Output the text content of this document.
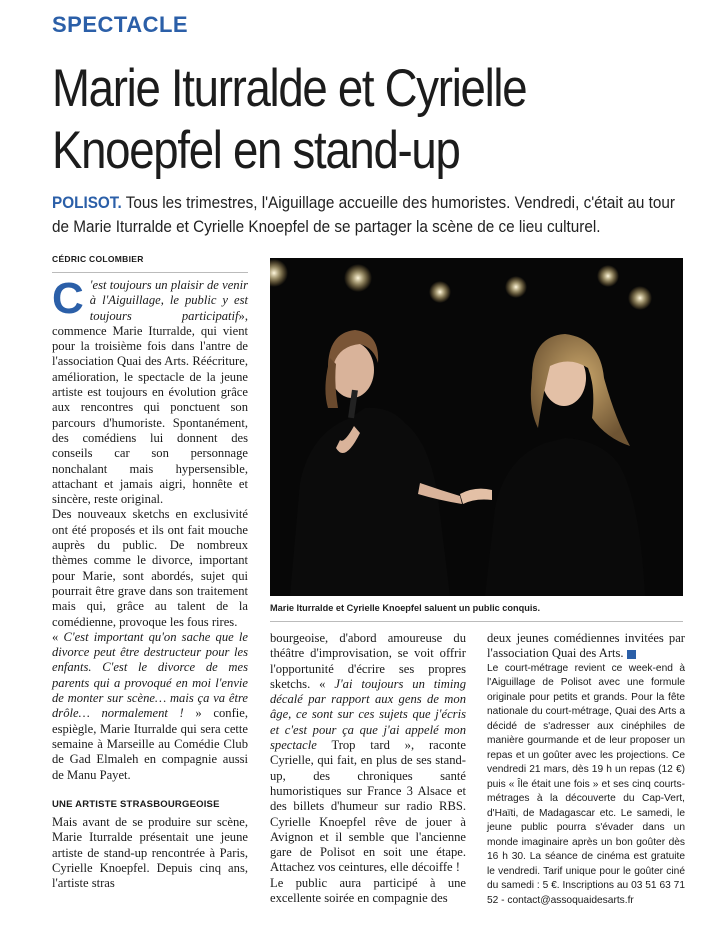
SPECTACLE
Marie Iturralde et Cyrielle
Knoepfel en stand-up
POLISOT. Tous les trimestres, l'Aiguillage accueille des humoristes. Vendredi, c'était au tour de Marie Iturralde et Cyrielle Knoepfel de se partager la scène de ce lieu culturel.
CÉDRIC COLOMBIER

C 'est toujours un plaisir de venir à l'Aiguillage, le public y est toujours participatif», commence Marie Iturralde, qui vient pour la troisième fois dans l'antre de l'association Quai des Arts. Réécriture, amélioration, le spectacle de la jeune artiste est toujours en évolution grâce aux rencontres qui ponctuent son parcours d'humoriste. Spontanément, des comédiens lui donnent des conseils car son personnage nonchalant mais hypersensible, attachant et jamais aigri, honnête et sincère, reste original.

Des nouveaux sketchs en exclusivité ont été proposés et ils ont fait mouche auprès du public. De nombreux thèmes comme le divorce, important pour Marie, sont abordés, sujet qui pourrait être grave dans son traitement mais qui, grâce au talent de la comédienne, provoque les fous rires.

« C'est important qu'on sache que le divorce peut être destructeur pour les enfants. C'est le divorce de mes parents qui a provoqué en moi l'envie de monter sur scène… mais ça va être drôle… normalement ! » confie, espiègle, Marie Iturralde qui sera cette semaine à Marseille au Comédie Club de Gad Elmaleh en compagnie aussi de Manu Payet.

UNE ARTISTE STRASBOURGEOISE

Mais avant de se produire sur scène, Marie Iturralde présentait une jeune artiste de stand-up rencontrée à Paris, Cyrielle Knoepfel. Depuis cinq ans, l'artiste stras

Marie Iturralde et Cyrielle Knoepfel saluent un public conquis.

bourgeoise, d'abord amoureuse du théâtre d'improvisation, se voit offrir l'opportunité d'écrire ses propres sketchs. « J'ai toujours un timing décalé par rapport aux gens de mon âge, ce sont sur ces sujets que j'écris et c'est pour ça que j'ai appelé mon spectacle Trop tard », raconte Cyrielle, qui fait, en plus de ses stand-up, des chroniques santé humoristiques sur France 3 Alsace et des billets d'humeur sur radio RBS. Cyrielle Knoepfel rêve de jouer à Avignon et il semble que l'ancienne gare de Polisot en soit une étape. Attachez vos ceintures, elle décoiffe !

Le public aura participé à une excellente soirée en compagnie des

deux jeunes comédiennes invitées par l'association Quai des Arts.

Le court-métrage revient ce week-end à l'Aiguillage de Polisot avec une formule originale pour petits et grands. Pour la fête nationale du court-métrage, Quai des Arts a décidé de s'adresser aux cinéphiles de manière gourmande et de leur proposer un repas et un goûter avec les projections. Ce vendredi 21 mars, dès 19 h un repas (12 €) puis « Île était une fois » et ses cinq courts-métrages à la découverte du Cap-Vert, d'Haïti, de Madagascar etc. Le samedi, le jeune public pourra s'évader dans un monde imaginaire après un bon goûter dès 16 h 30. La séance de cinéma est gratuite le vendredi. Tarif unique pour le goûter ciné du samedi : 5 €. Inscriptions au 03 51 63 71 52 - contact@assoquaidesarts.fr
